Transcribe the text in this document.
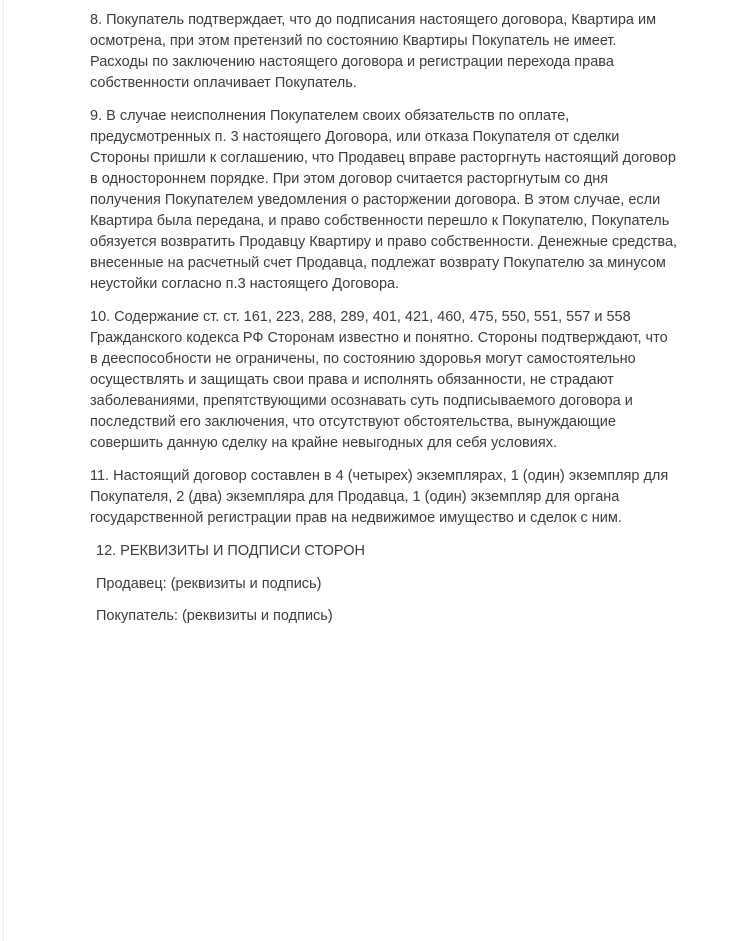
8. Покупатель подтверждает, что до подписания настоящего договора, Квартира им осмотрена, при этом претензий по состоянию Квартиры Покупатель не имеет. Расходы по заключению настоящего договора и регистрации перехода права собственности оплачивает Покупатель.

9. В случае неисполнения Покупателем своих обязательств по оплате, предусмотренных п. 3 настоящего Договора, или отказа Покупателя от сделки Стороны пришли к соглашению, что Продавец вправе расторгнуть настоящий договор в одностороннем порядке. При этом договор считается расторгнутым со дня получения Покупателем уведомления о расторжении договора. В этом случае, если Квартира была передана, и право собственности перешло к Покупателю, Покупатель обязуется возвратить Продавцу Квартиру и право собственности. Денежные средства, внесенные на расчетный счет Продавца, подлежат возврату Покупателю за минусом неустойки согласно п.3 настоящего Договора.

10. Содержание ст. ст. 161, 223, 288, 289, 401, 421, 460, 475, 550, 551, 557 и 558 Гражданского кодекса РФ Сторонам известно и понятно. Стороны подтверждают, что в дееспособности не ограничены, по состоянию здоровья могут самостоятельно осуществлять и защищать свои права и исполнять обязанности, не страдают заболеваниями, препятствующими осознавать суть подписываемого договора и последствий его заключения, что отсутствуют обстоятельства, вынуждающие совершить данную сделку на крайне невыгодных для себя условиях.

11. Настоящий договор составлен в 4 (четырех) экземплярах, 1 (один) экземпляр для Покупателя, 2 (два) экземпляра для Продавца, 1 (один) экземпляр для органа государственной регистрации прав на недвижимое имущество и сделок с ним.

12. РЕКВИЗИТЫ И ПОДПИСИ СТОРОН

Продавец: (реквизиты и подпись)

Покупатель: (реквизиты и подпись)
